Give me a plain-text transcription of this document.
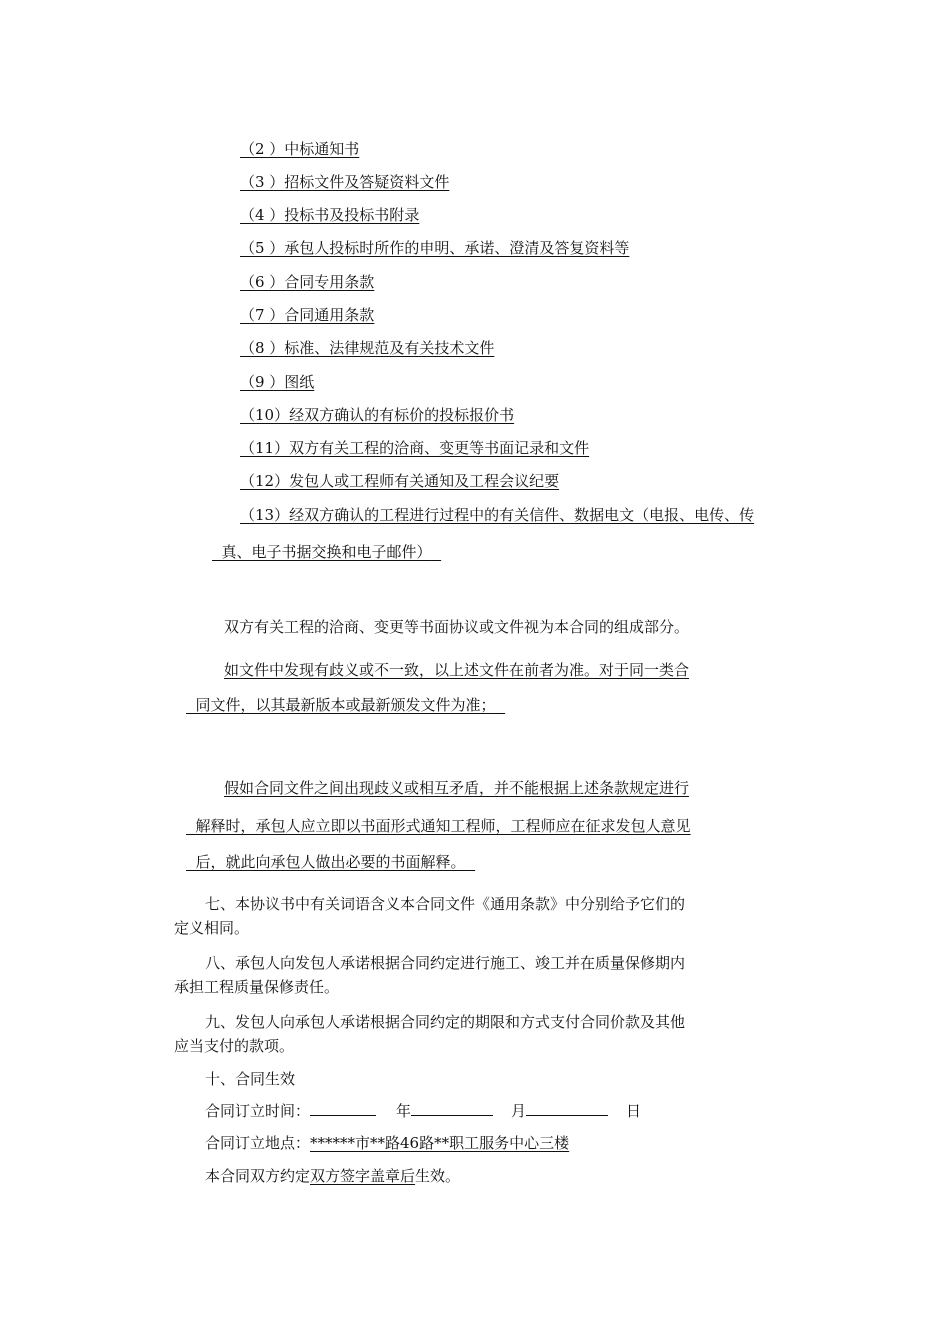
（2 ）中标通知书
（3 ）招标文件及答疑资料文件
（4 ）投标书及投标书附录
（5 ）承包人投标时所作的申明、承诺、澄清及答复资料等
（6 ）合同专用条款
（7 ）合同通用条款
（8 ）标准、法律规范及有关技术文件
（9 ）图纸
（10）经双方确认的有标价的投标报价书
（11）双方有关工程的洽商、变更等书面记录和文件
（12）发包人或工程师有关通知及工程会议纪要
（13）经双方确认的工程进行过程中的有关信件、数据电文（电报、电传、传
真、电子书据交换和电子邮件）
双方有关工程的洽商、变更等书面协议或文件视为本合同的组成部分。
如文件中发现有歧义或不一致，以上述文件在前者为准。对于同一类合
同文件，以其最新版本或最新颁发文件为准；
假如合同文件之间出现歧义或相互矛盾，并不能根据上述条款规定进行
解释时，承包人应立即以书面形式通知工程师，工程师应在征求发包人意见
后，就此向承包人做出必要的书面解释。
七、本协议书中有关词语含义本合同文件《通用条款》中分别给予它们的
定义相同。
八、承包人向发包人承诺根据合同约定进行施工、竣工并在质量保修期内
承担工程质量保修责任。
九、发包人向承包人承诺根据合同约定的期限和方式支付合同价款及其他
应当支付的款项。
十、合同生效
合同订立时间：	年	月	日
合同订立地点：******市**路46路**职工服务中心三楼
本合同双方约定双方签字盖章后生效。
